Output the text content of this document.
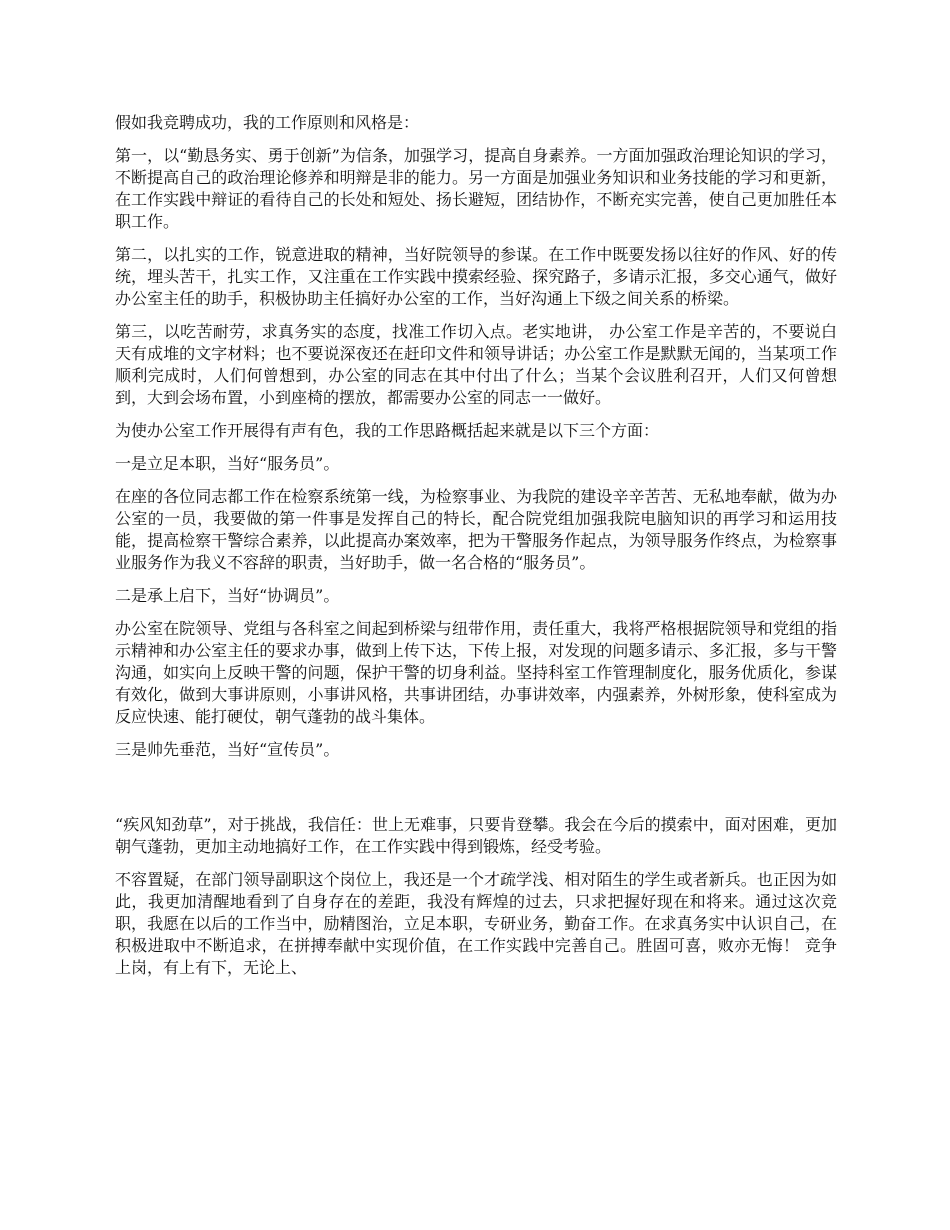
假如我竞聘成功，我的工作原则和风格是：

第一，以“勤恳务实、勇于创新”为信条，加强学习，提高自身素养。一方面加强政治理论知识的学习，不断提高自己的政治理论修养和明辩是非的能力。另一方面是加强业务知识和业务技能的学习和更新，在工作实践中辩证的看待自己的长处和短处、扬长避短，团结协作，不断充实完善，使自己更加胜任本职工作。

第二，以扎实的工作，锐意进取的精神，当好院领导的参谋。在工作中既要发扬以往好的作风、好的传统，埋头苦干，扎实工作，又注重在工作实践中摸索经验、探究路子，多请示汇报，多交心通气，做好办公室主任的助手，积极协助主任搞好办公室的工作，当好沟通上下级之间关系的桥梁。

第三，以吃苦耐劳，求真务实的态度，找准工作切入点。老实地讲， 办公室工作是辛苦的，不要说白天有成堆的文字材料；也不要说深夜还在赶印文件和领导讲话；办公室工作是默默无闻的，当某项工作顺利完成时，人们何曾想到，办公室的同志在其中付出了什么；当某个会议胜利召开，人们又何曾想到，大到会场布置，小到座椅的摆放，都需要办公室的同志一一做好。

为使办公室工作开展得有声有色，我的工作思路概括起来就是以下三个方面：

一是立足本职，当好“服务员”。

在座的各位同志都工作在检察系统第一线，为检察事业、为我院的建设辛辛苦苦、无私地奉献，做为办公室的一员，我要做的第一件事是发挥自己的特长，配合院党组加强我院电脑知识的再学习和运用技能，提高检察干警综合素养，以此提高办案效率，把为干警服务作起点，为领导服务作终点，为检察事业服务作为我义不容辞的职责，当好助手，做一名合格的“服务员”。

二是承上启下，当好“协调员”。

办公室在院领导、党组与各科室之间起到桥梁与纽带作用，责任重大，我将严格根据院领导和党组的指示精神和办公室主任的要求办事，做到上传下达，下传上报，对发现的问题多请示、多汇报，多与干警沟通，如实向上反映干警的问题，保护干警的切身利益。坚持科室工作管理制度化，服务优质化，参谋有效化，做到大事讲原则，小事讲风格，共事讲团结，办事讲效率，内强素养，外树形象，使科室成为反应快速、能打硬仗，朝气蓬勃的战斗集体。

三是帅先垂范，当好“宣传员”。

“疾风知劲草”，对于挑战，我信任：世上无难事，只要肯登攀。我会在今后的摸索中，面对困难，更加朝气蓬勃，更加主动地搞好工作，在工作实践中得到锻炼，经受考验。

不容置疑，在部门领导副职这个岗位上，我还是一个才疏学浅、相对陌生的学生或者新兵。也正因为如此，我更加清醒地看到了自身存在的差距，我没有辉煌的过去，只求把握好现在和将来。通过这次竞职，我愿在以后的工作当中，励精图治，立足本职，专研业务，勤奋工作。在求真务实中认识自己，在积极进取中不断追求，在拼搏奉献中实现价值，在工作实践中完善自己。胜固可喜，败亦无悔！ 竞争上岗，有上有下，无论上、
